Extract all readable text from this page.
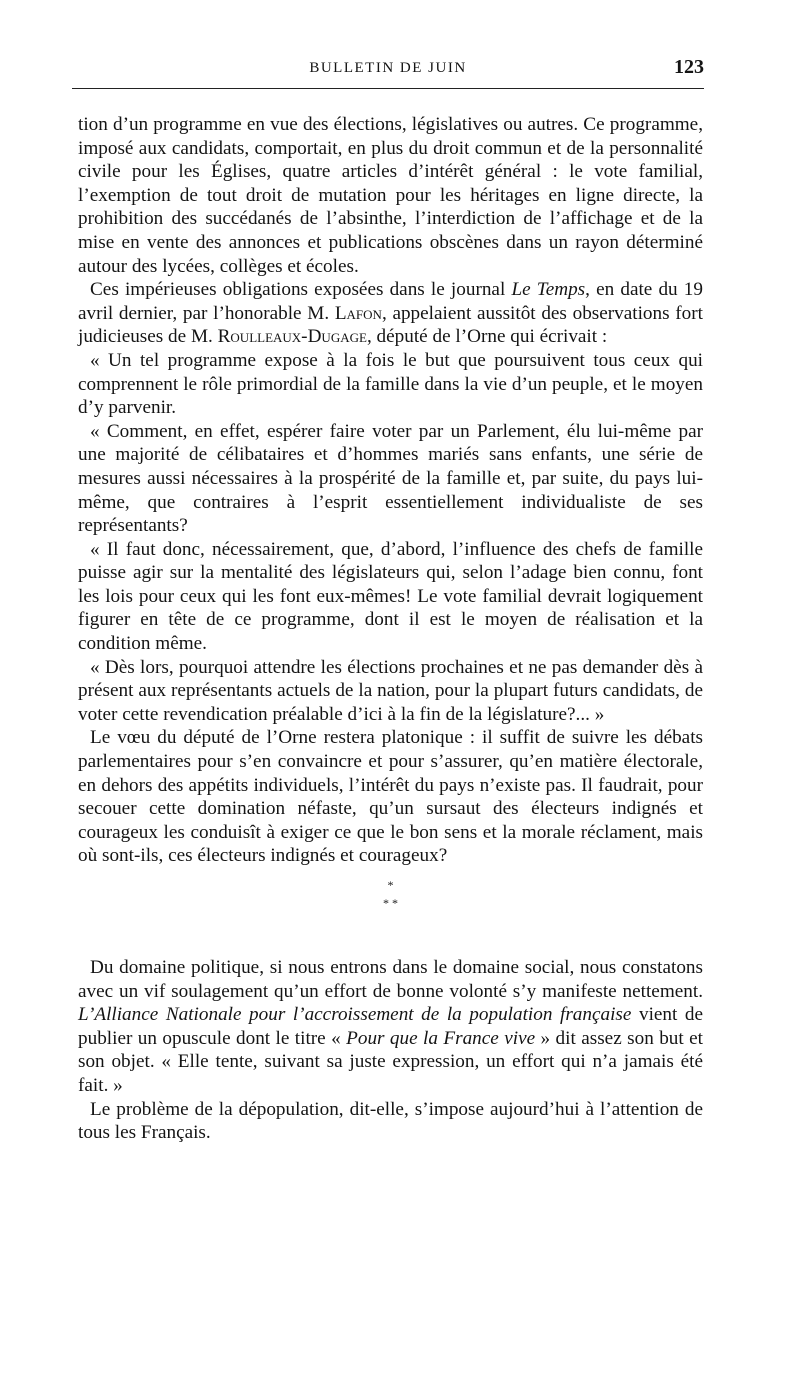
BULLETIN DE JUIN	123

tion d’un programme en vue des élections, législatives ou autres. Ce programme, imposé aux candidats, comportait, en plus du droit commun et de la personnalité civile pour les Églises, quatre articles d’intérêt général : le vote familial, l’exemption de tout droit de mutation pour les héritages en ligne directe, la prohibition des succédanés de l’absinthe, l’interdiction de l’affichage et de la mise en vente des annonces et publications obscènes dans un rayon déterminé autour des lycées, collèges et écoles.

Ces impérieuses obligations exposées dans le journal Le Temps, en date du 19 avril dernier, par l’honorable M. Lafon, appelaient aussitôt des observations fort judicieuses de M. Roulleaux-Dugage, député de l’Orne qui écrivait :

« Un tel programme expose à la fois le but que poursuivent tous ceux qui comprennent le rôle primordial de la famille dans la vie d’un peuple, et le moyen d’y parvenir.

« Comment, en effet, espérer faire voter par un Parlement, élu lui-même par une majorité de célibataires et d’hommes mariés sans enfants, une série de mesures aussi nécessaires à la prospérité de la famille et, par suite, du pays lui-même, que contraires à l’esprit essentiellement individualiste de ses représentants?

« Il faut donc, nécessairement, que, d’abord, l’influence des chefs de famille puisse agir sur la mentalité des législateurs qui, selon l’adage bien connu, font les lois pour ceux qui les font eux-mêmes! Le vote familial devrait logiquement figurer en tête de ce programme, dont il est le moyen de réalisation et la condition même.

« Dès lors, pourquoi attendre les élections prochaines et ne pas demander dès à présent aux représentants actuels de la nation, pour la plupart futurs candidats, de voter cette revendication préalable d’ici à la fin de la législature?... »

Le vœu du député de l’Orne restera platonique : il suffit de suivre les débats parlementaires pour s’en convaincre et pour s’assurer, qu’en matière électorale, en dehors des appétits individuels, l’intérêt du pays n’existe pas. Il faudrait, pour secouer cette domination néfaste, qu’un sursaut des électeurs indignés et courageux les conduisît à exiger ce que le bon sens et la morale réclament, mais où sont-ils, ces électeurs indignés et courageux?

*
* *

Du domaine politique, si nous entrons dans le domaine social, nous constatons avec un vif soulagement qu’un effort de bonne volonté s’y manifeste nettement. L’Alliance Nationale pour l’accroissement de la population française vient de publier un opuscule dont le titre « Pour que la France vive » dit assez son but et son objet. « Elle tente, suivant sa juste expression, un effort qui n’a jamais été fait. »

Le problème de la dépopulation, dit-elle, s’impose aujourd’hui à l’attention de tous les Français.
